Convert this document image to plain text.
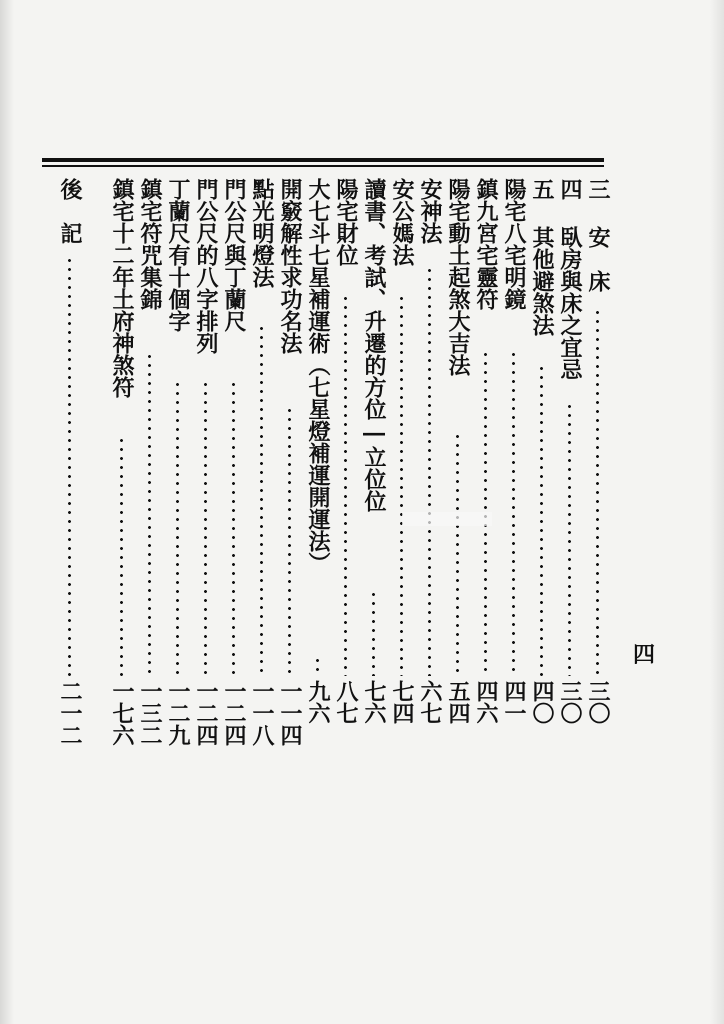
三 安　床
三〇
四 臥房與床之宜忌
三〇
五 其他避煞法
四〇
陽宅八宅明鏡
四一
鎮九宮宅靈符
四六
陽宅動土起煞大吉法
五四
安神法
六七
安公媽法
七四
讀書、考試、升遷的方位―立位位
七六
陽宅財位
八七
大七斗七星補運術（七星燈補運開運法）
九六
開竅解性求功名法
一一四
點光明燈法
一一八
門公尺與丁蘭尺
一二四
門公尺的八字排列
一二四
丁蘭尺有十個字
一二九
鎮宅符咒集錦
一三二
鎮宅十二年土府神煞符
一七六
後　記
二一二
四
